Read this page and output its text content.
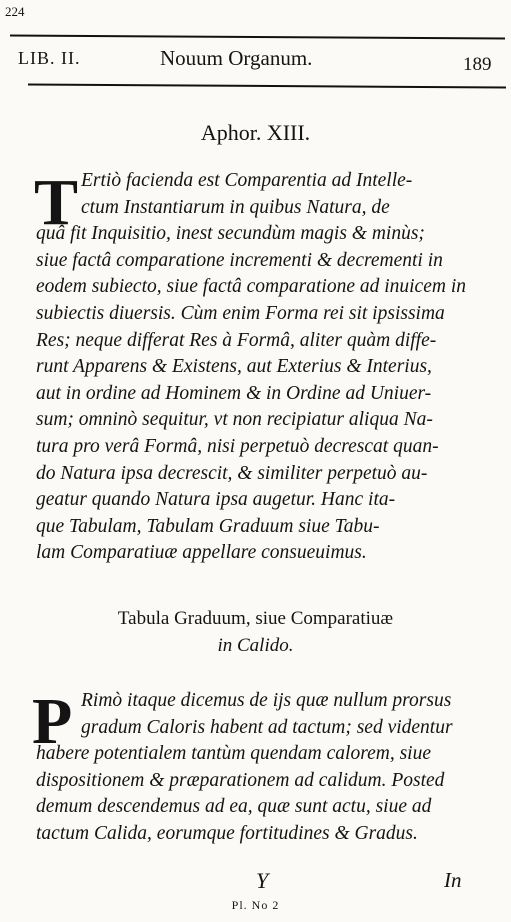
224
LIB. II.	Nouum Organum.	189
Aphor. XIII.
T Ertiò facienda est Comparentia ad Intelle-
ctum Instantiarum in quibus Natura, de
quâ fit Inquisitio, inest secundùm magis & minùs;
siue factâ comparatione incrementi & decrementi in
eodem subiecto, siue factâ comparatione ad inuicem in
subiectis diuersis. Cùm enim Forma rei sit ipsissima
Res; neque differat Res à Formâ, aliter quàm diffe-
runt Apparens & Existens, aut Exterius & Interius,
aut in ordine ad Hominem & in Ordine ad Uniuer-
sum; omninò sequitur, vt non recipiatur aliqua Na-
tura pro verâ Formâ, nisi perpetuò decrescat quan-
do Natura ipsa decrescit, & similiter perpetuò au-
geatur quando Natura ipsa augetur. Hanc ita-
que Tabulam, Tabulam Graduum siue Tabu-
lam Comparatiuæ appellare consueuimus.
Tabula Graduum, siue Comparatiuæ
in Calido.
P Rimò itaque dicemus de ijs quæ nullum prorsus
gradum Caloris habent ad tactum; sed videntur
habere potentialem tantùm quendam calorem, siue
dispositionem & præparationem ad calidum. Posted
demum descendemus ad ea, quæ sunt actu, siue ad
tactum Calida, eorumque fortitudines & Gradus.
Y	In
Pl. No 2
